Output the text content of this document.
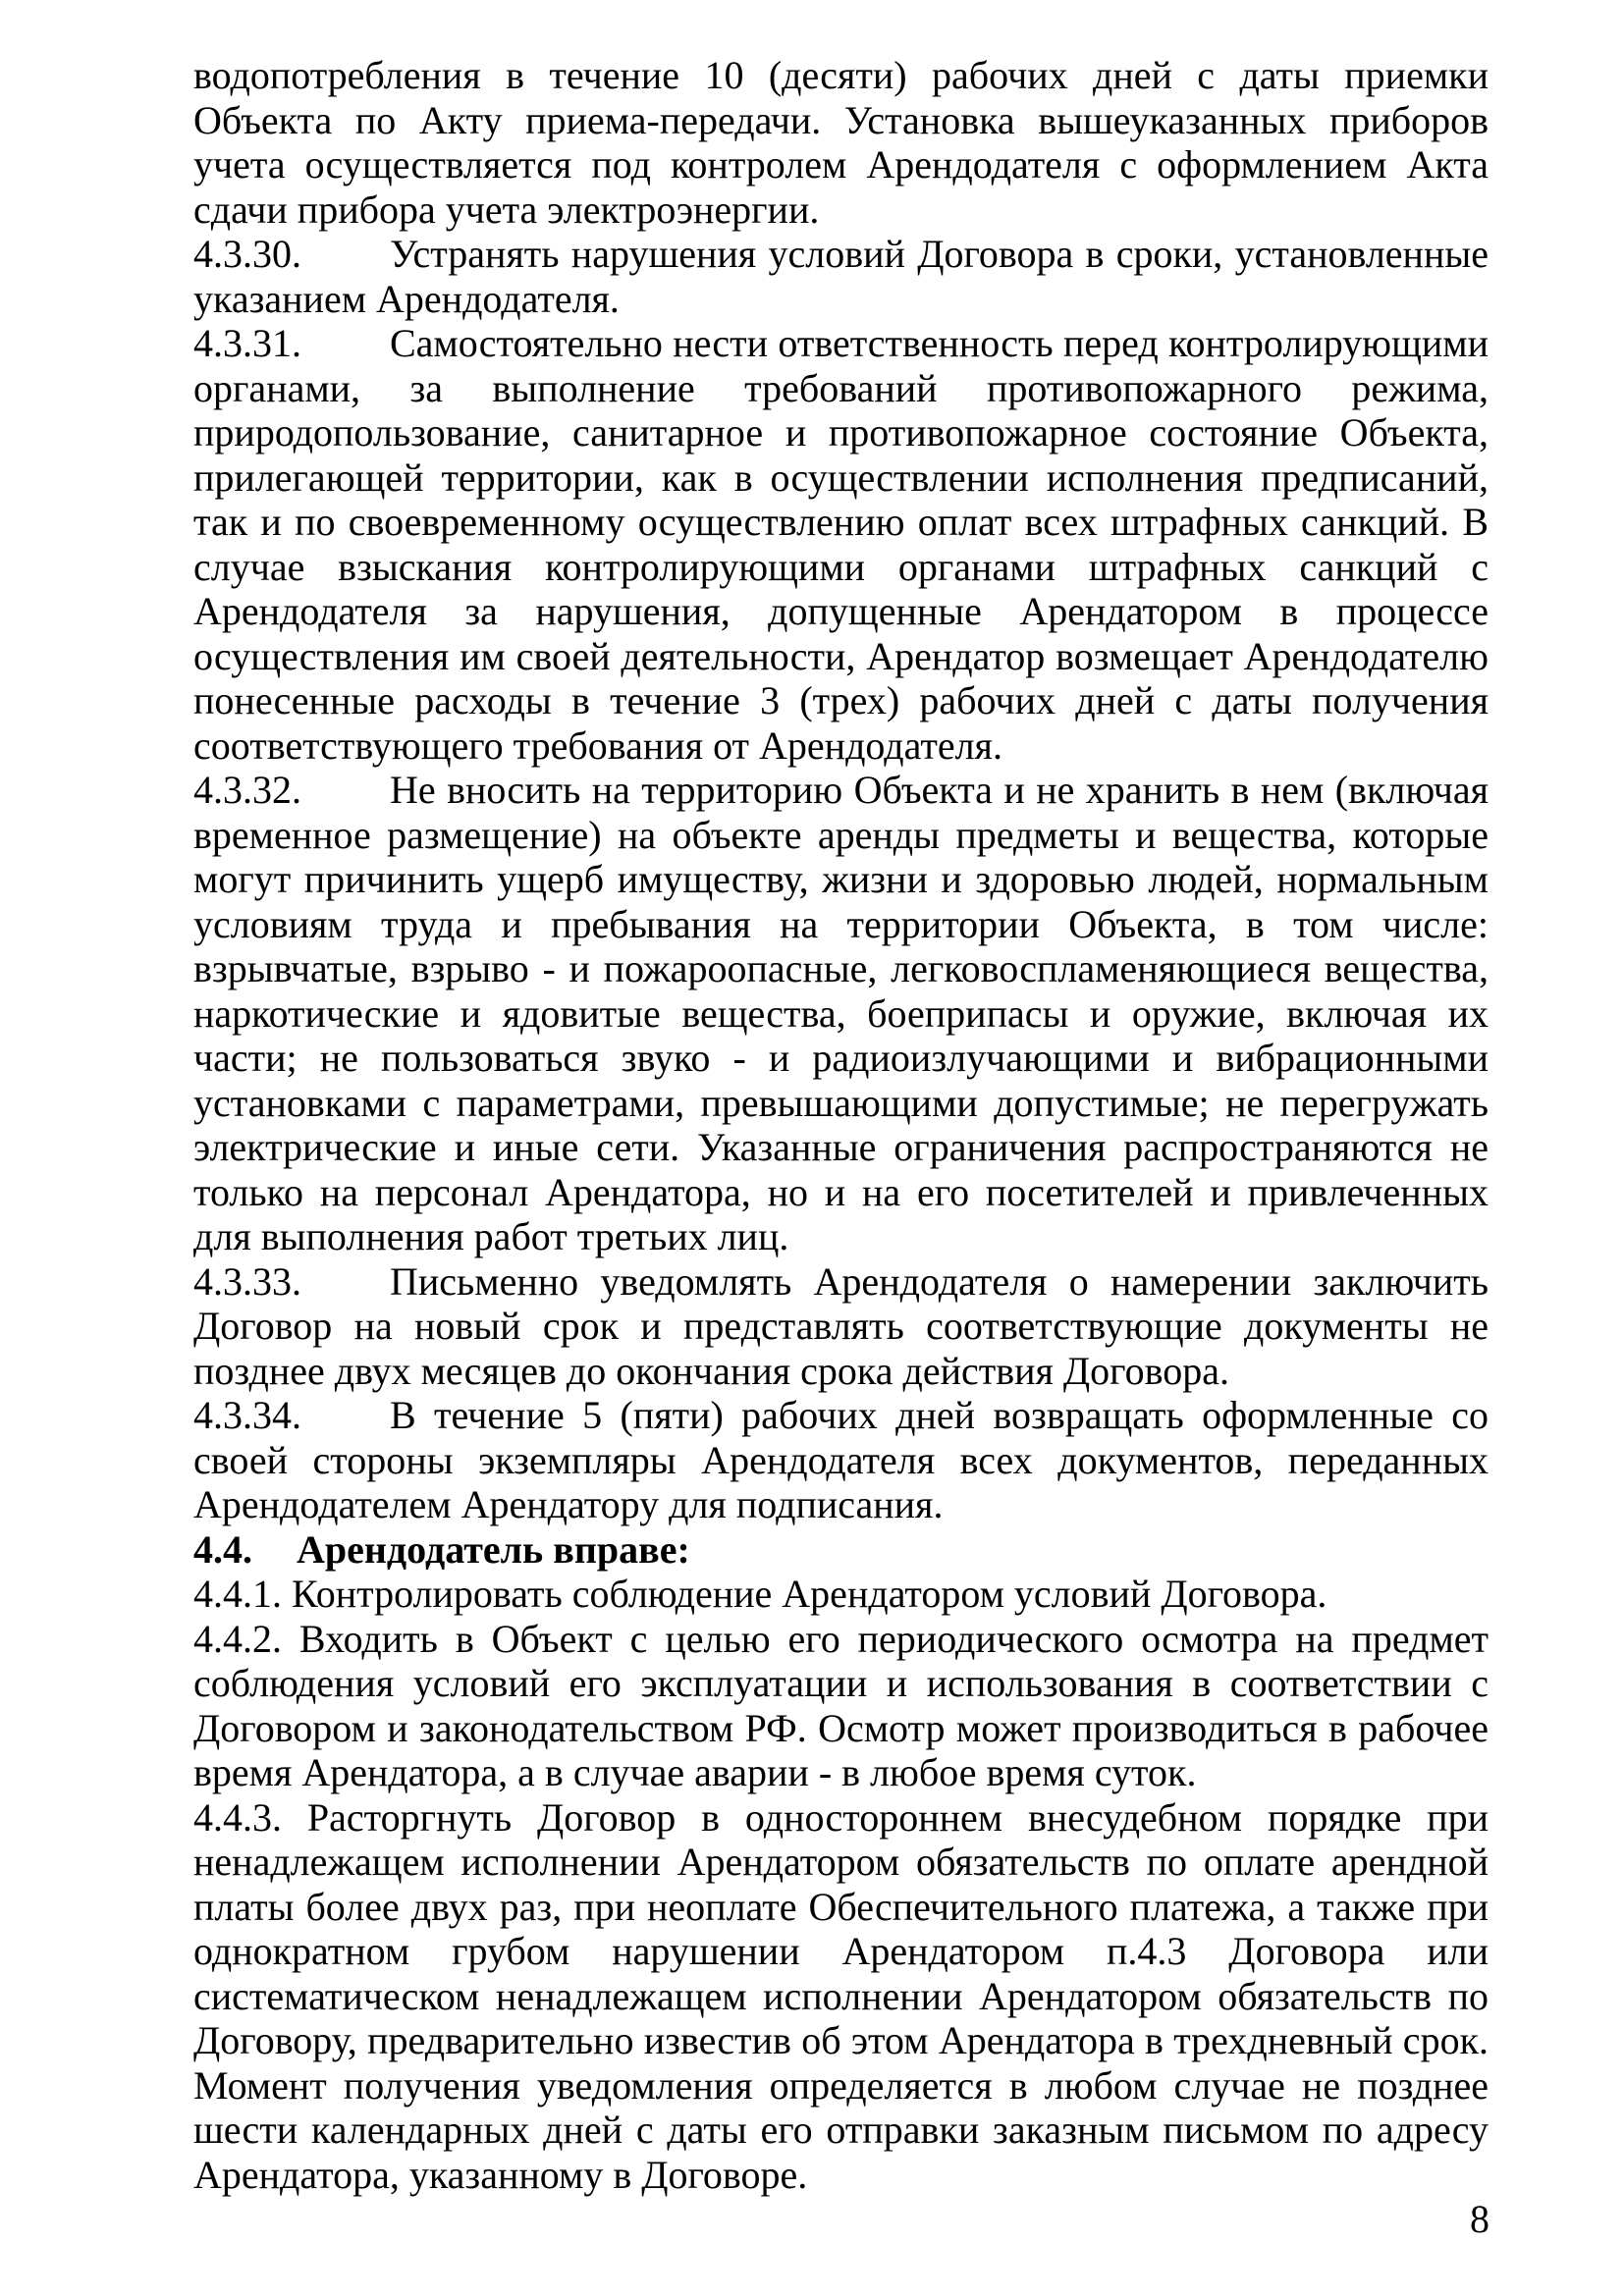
водопотребления в течение 10 (десяти) рабочих дней с даты приемки Объекта по Акту приема-передачи. Установка вышеуказанных приборов учета осуществляется под контролем Арендодателя с оформлением Акта сдачи прибора учета электроэнергии.

4.3.30. Устранять нарушения условий Договора в сроки, установленные указанием Арендодателя.

4.3.31. Самостоятельно нести ответственность перед контролирующими органами, за выполнение требований противопожарного режима, природопользование, санитарное и противопожарное состояние Объекта, прилегающей территории, как в осуществлении исполнения предписаний, так и по своевременному осуществлению оплат всех штрафных санкций. В случае взыскания контролирующими органами штрафных санкций с Арендодателя за нарушения, допущенные Арендатором в процессе осуществления им своей деятельности, Арендатор возмещает Арендодателю понесенные расходы в течение 3 (трех) рабочих дней с даты получения соответствующего требования от Арендодателя.

4.3.32. Не вносить на территорию Объекта и не хранить в нем (включая временное размещение) на объекте аренды предметы и вещества, которые могут причинить ущерб имуществу, жизни и здоровью людей, нормальным условиям труда и пребывания на территории Объекта, в том числе: взрывчатые, взрыво - и пожароопасные, легковоспламеняющиеся вещества, наркотические и ядовитые вещества, боеприпасы и оружие, включая их части; не пользоваться звуко - и радиоизлучающими и вибрационными установками с параметрами, превышающими допустимые; не перегружать электрические и иные сети. Указанные ограничения распространяются не только на персонал Арендатора, но и на его посетителей и привлеченных для выполнения работ третьих лиц.

4.3.33. Письменно уведомлять Арендодателя о намерении заключить Договор на новый срок и представлять соответствующие документы не позднее двух месяцев до окончания срока действия Договора.

4.3.34. В течение 5 (пяти) рабочих дней возвращать оформленные со своей стороны экземпляры Арендодателя всех документов, переданных Арендодателем Арендатору для подписания.

4.4. Арендодатель вправе:

4.4.1. Контролировать соблюдение Арендатором условий Договора.

4.4.2. Входить в Объект с целью его периодического осмотра на предмет соблюдения условий его эксплуатации и использования в соответствии с Договором и законодательством РФ. Осмотр может производиться в рабочее время Арендатора, а в случае аварии - в любое время суток.

4.4.3. Расторгнуть Договор в одностороннем внесудебном порядке при ненадлежащем исполнении Арендатором обязательств по оплате арендной платы более двух раз, при неоплате Обеспечительного платежа, а также при однократном грубом нарушении Арендатором п.4.3 Договора или систематическом ненадлежащем исполнении Арендатором обязательств по Договору, предварительно известив об этом Арендатора в трехдневный срок. Момент получения уведомления определяется в любом случае не позднее шести календарных дней с даты его отправки заказным письмом по адресу Арендатора, указанному в Договоре.

8
